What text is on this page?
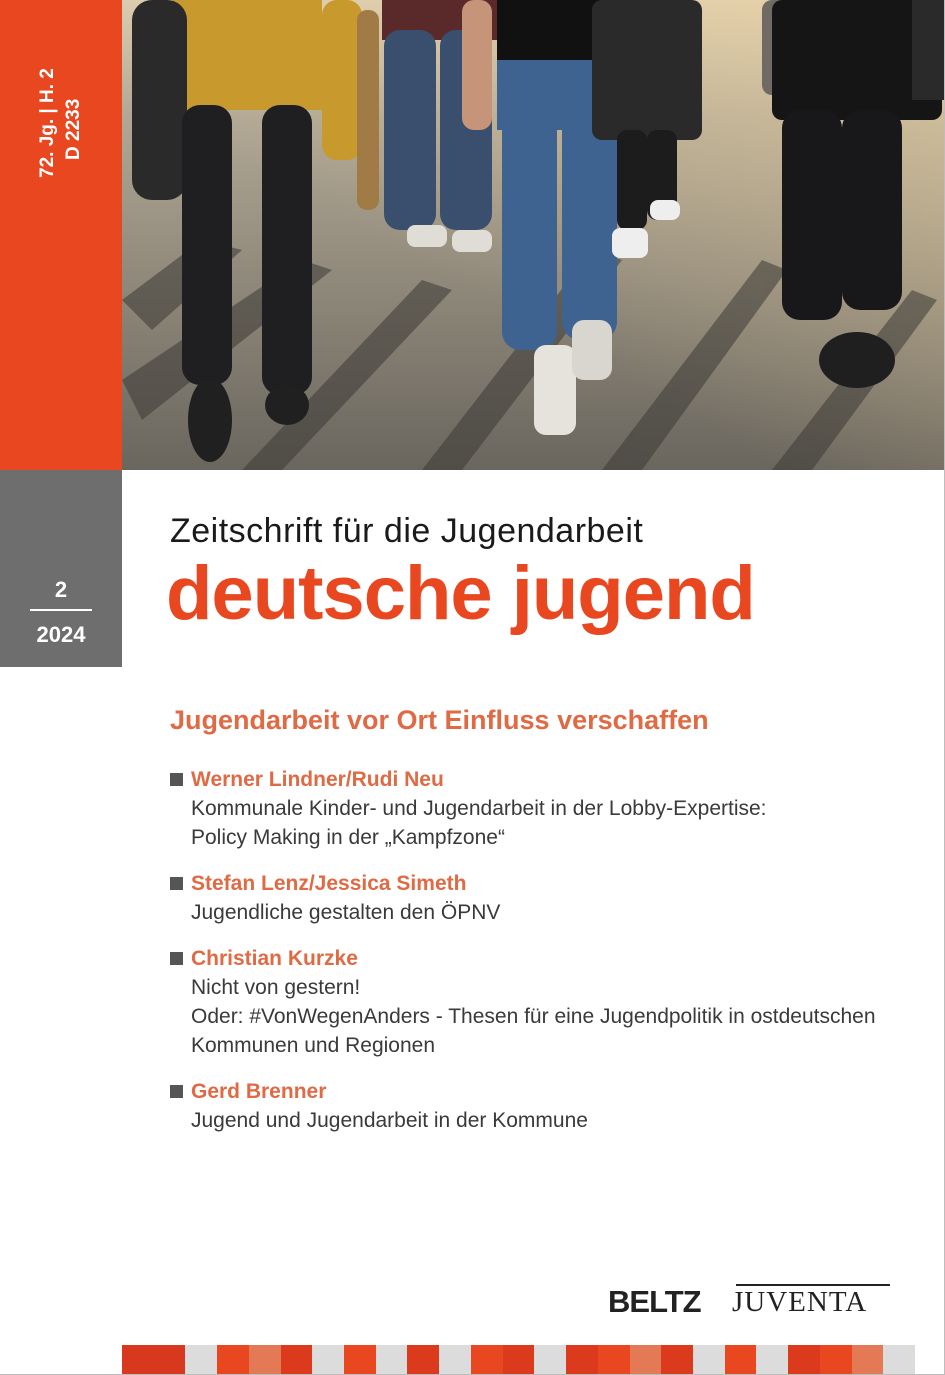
72. Jg. | H. 2 D 2233
2
2024
Zeitschrift für die Jugendarbeit
deutsche jugend
Jugendarbeit vor Ort Einfluss verschaffen
Werner Lindner/Rudi Neu
Kommunale Kinder- und Jugendarbeit in der Lobby-Expertise:
Policy Making in der „Kampfzone“
Stefan Lenz/Jessica Simeth
Jugendliche gestalten den ÖPNV
Christian Kurzke
Nicht von gestern!
Oder: #VonWegenAnders - Thesen für eine Jugendpolitik in ostdeutschen
Kommunen und Regionen
Gerd Brenner
Jugend und Jugendarbeit in der Kommune
BELTZ JUVENTA
